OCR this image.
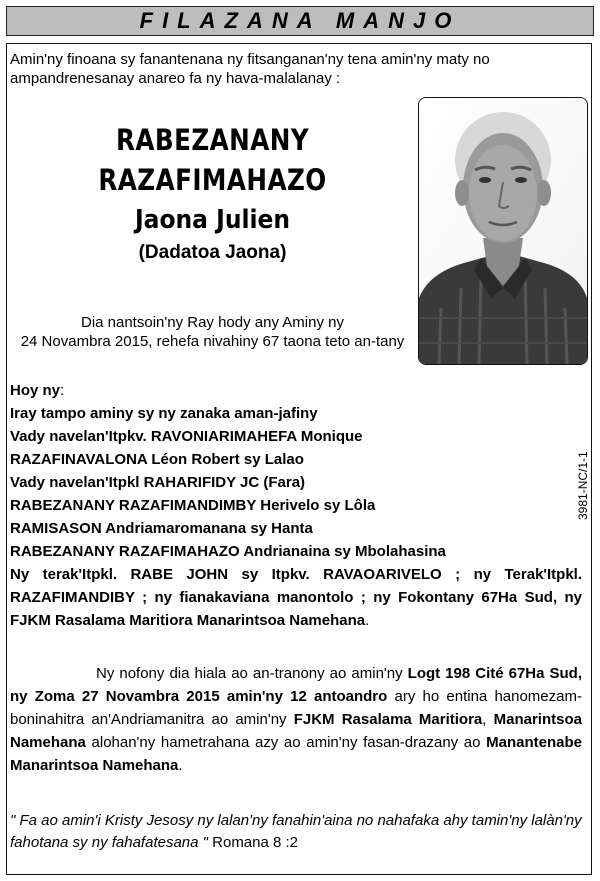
FILAZANA MANJO

Amin'ny finoana sy fanantenana ny fitsanganan'ny tena amin'ny maty no ampandrenesanay anareo fa ny hava-malalanay :

RABEZANANY

RAZAFIMAHAZO

Jaona Julien

(Dadatoa Jaona)

Dia nantsoin'ny Ray hody any Aminy ny
24 Novambra 2015, rehefa nivahiny 67 taona teto an-tany

Hoy ny:

Iray tampo aminy sy ny zanaka aman-jafiny

Vady navelan'Itpkv. RAVONIARIMAHEFA Monique

RAZAFINAVALONA Léon Robert sy Lalao

Vady navelan'Itpkl RAHARIFIDY JC (Fara)

RABEZANANY RAZAFIMANDIMBY Herivelo sy Lôla

RAMISASON Andriamaromanana sy Hanta

RABEZANANY RAZAFIMAHAZO Andrianaina sy Mbolahasina

Ny terak'Itpkl. RABE JOHN sy Itpkv. RAVAOARIVELO ; ny Terak'Itpkl.

RAZAFIMANDIBY ; ny fianakaviana manontolo ; ny Fokontany 67Ha Sud, ny

FJKM Rasalama Maritiora Manarintsoa Namehana.

Ny nofony dia hiala ao an-tranony ao amin'ny Logt 198 Cité 67Ha Sud, ny Zoma 27 Novambra 2015 amin'ny 12 antoandro ary ho entina hanomezam-boninahitra an'Andriamanitra ao amin'ny FJKM Rasalama Maritiora, Manarintsoa Namehana alohan'ny hametrahana azy ao amin'ny fasan-drazany ao Manantenabe Manarintsoa Namehana.

" Fa ao amin'i Kristy Jesosy ny lalan'ny fanahin'aina no nahafaka ahy tamin'ny lalàn'ny fahotana sy ny fahafatesana " Romana 8 :2

3981-NC/1-1
